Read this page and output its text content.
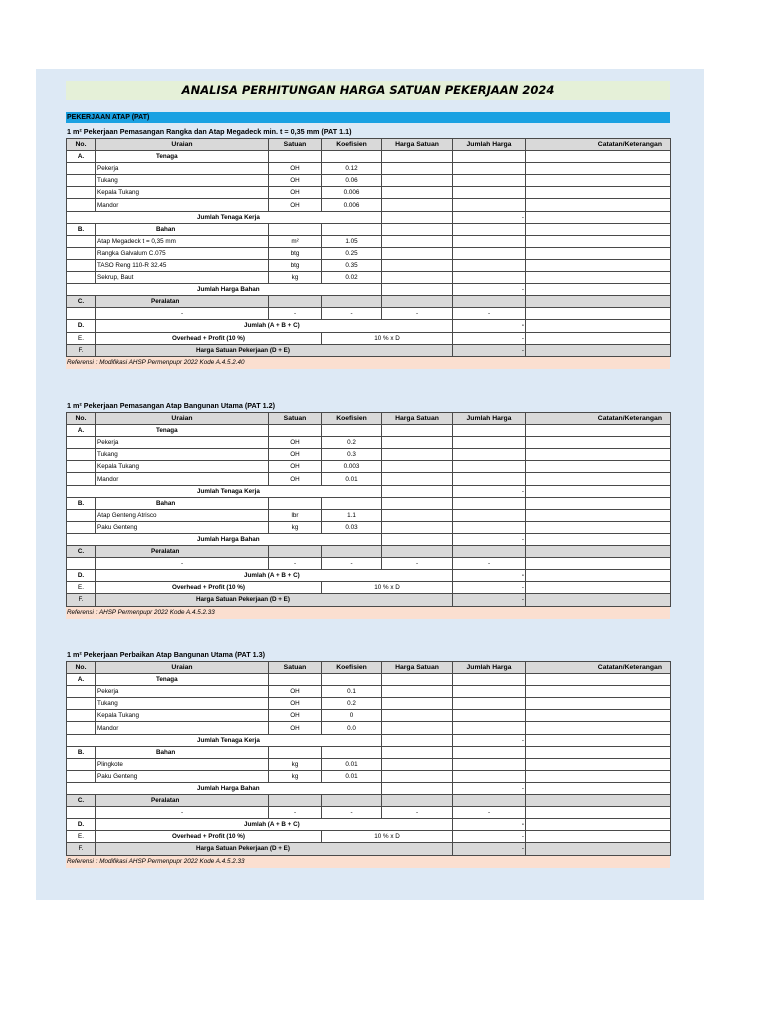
ANALISA PERHITUNGAN HARGA SATUAN PEKERJAAN 2024
PEKERJAAN ATAP (PAT)
1 m² Pekerjaan Pemasangan Rangka dan Atap Megadeck min. t = 0,35 mm (PAT 1.1)
No.	Uraian	Satuan	Koefisien	Harga Satuan	Jumlah Harga	Catatan/Keterangan
A.	Tenaga					
	Pekerja	OH	0.12			
	Tukang	OH	0.06			
	Kepala Tukang	OH	0.006			
	Mandor	OH	0.006			
Jumlah Tenaga Kerja					-	
B.	Bahan					
	Atap Megadeck t = 0,35 mm	m²	1.05			
	Rangka Galvalum C.075	btg	0.25			
	TASO Reng 110-R 32.45	btg	0.35			
	Sekrup, Baut	kg	0.02			
Jumlah Harga Bahan					-	
C.	Peralatan					
	-	-	-	-	-	
D.	Jumlah (A + B + C)				-	
E.	Overhead + Profit (10 %)		10 % x D		-	
F.	Harga Satuan Pekerjaan (D + E)				-	
Referensi : Modifikasi AHSP Permenpupr 2022 Kode A.4.5.2.40
1 m² Pekerjaan Pemasangan Atap Bangunan Utama (PAT 1.2)
No.	Uraian	Satuan	Koefisien	Harga Satuan	Jumlah Harga	Catatan/Keterangan
A.	Tenaga					
	Pekerja	OH	0.2			
	Tukang	OH	0.3			
	Kepala Tukang	OH	0.003			
	Mandor	OH	0.01			
Jumlah Tenaga Kerja					-	
B.	Bahan					
	Atap Genteng Atrisco	lbr	1.1			
	Paku Genteng	kg	0.03			
Jumlah Harga Bahan					-	
C.	Peralatan					
	-	-	-	-	-	
D.	Jumlah (A + B + C)				-	
E.	Overhead + Profit (10 %)		10 % x D		-	
F.	Harga Satuan Pekerjaan (D + E)				-	
Referensi : AHSP Permenpupr 2022 Kode A.4.5.2.33
1 m² Pekerjaan Perbaikan Atap Bangunan Utama (PAT 1.3)
No.	Uraian	Satuan	Koefisien	Harga Satuan	Jumlah Harga	Catatan/Keterangan
A.	Tenaga					
	Pekerja	OH	0.1			
	Tukang	OH	0.2			
	Kepala Tukang	OH	0			
	Mandor	OH	0.0			
Jumlah Tenaga Kerja					-	
B.	Bahan					
	Plingkote	kg	0.01			
	Paku Genteng	kg	0.01			
Jumlah Harga Bahan					-	
C.	Peralatan					
	-	-	-	-	-	
D.	Jumlah (A + B + C)				-	
E.	Overhead + Profit (10 %)		10 % x D		-	
F.	Harga Satuan Pekerjaan (D + E)				-	
Referensi : Modifikasi AHSP Permenpupr 2022 Kode A.4.5.2.33
